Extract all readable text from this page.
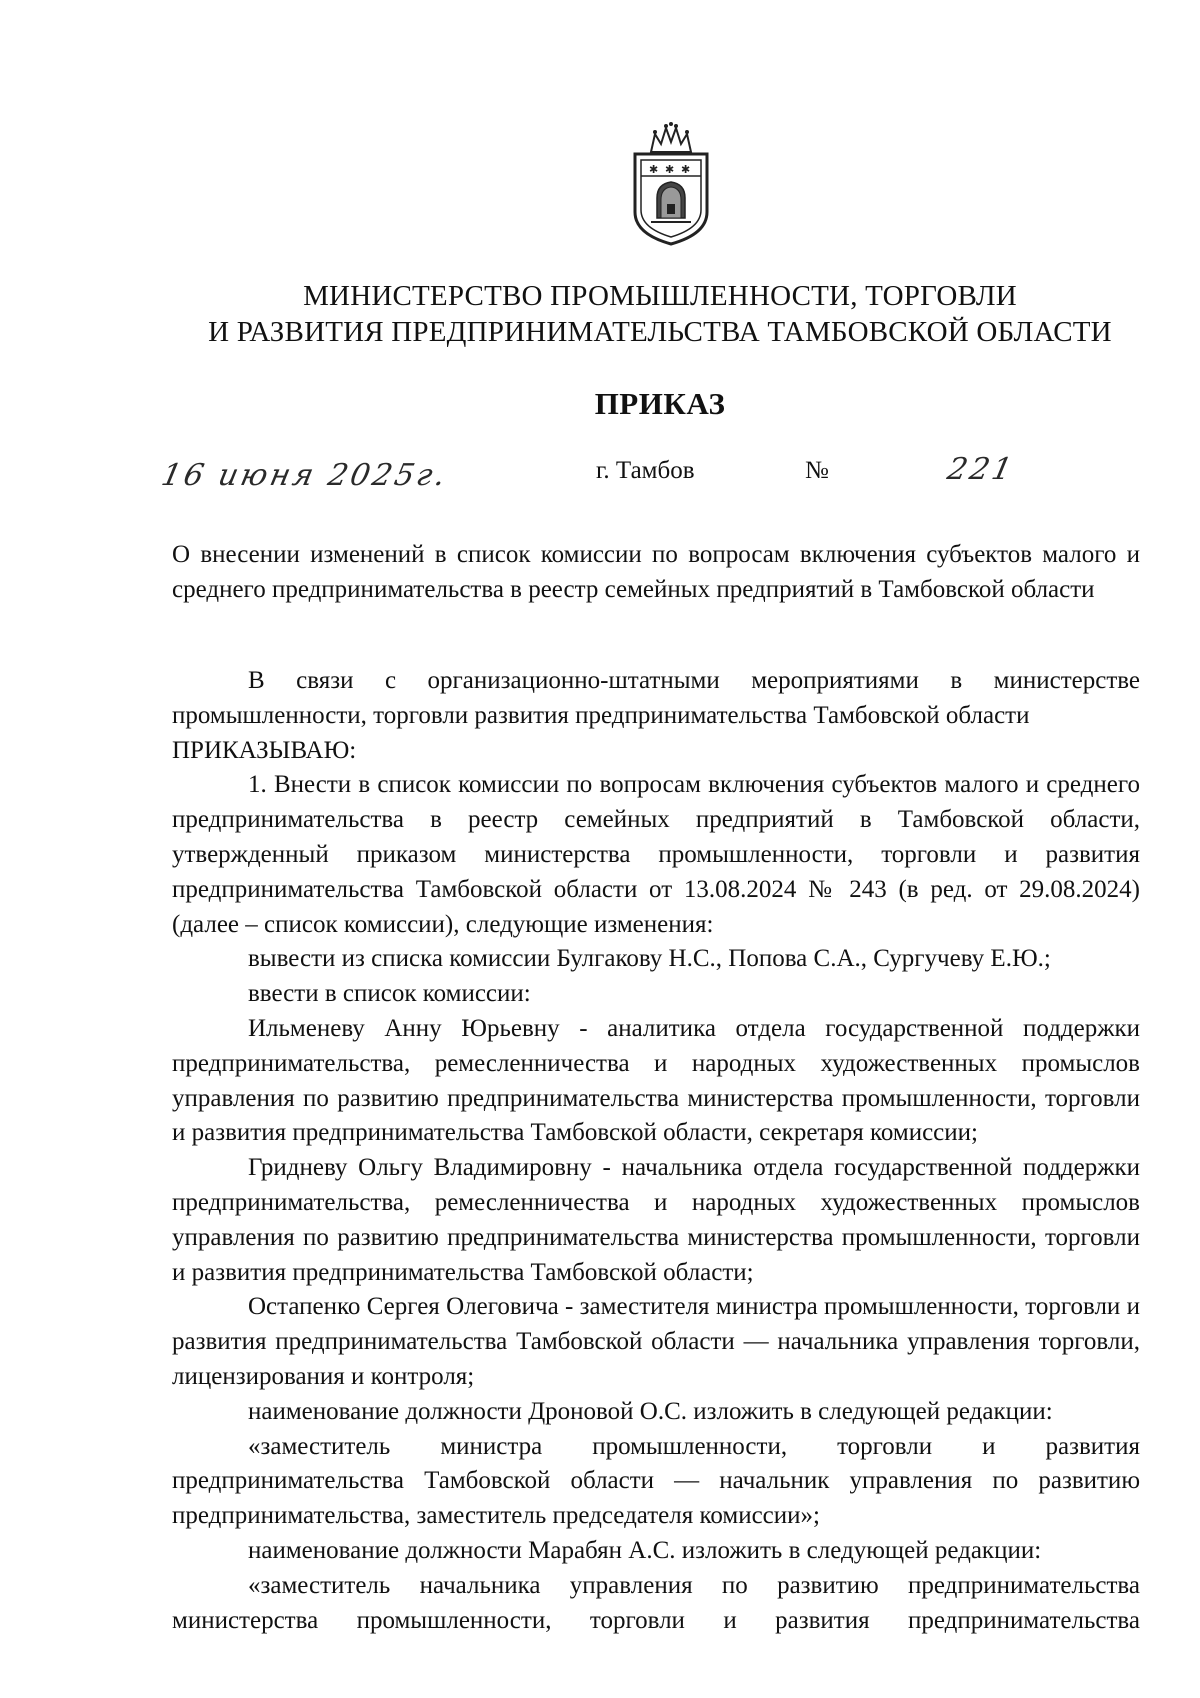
✱ ✱ ✱
МИНИСТЕРСТВО ПРОМЫШЛЕННОСТИ, ТОРГОВЛИ
И РАЗВИТИЯ ПРЕДПРИНИМАТЕЛЬСТВА ТАМБОВСКОЙ ОБЛАСТИ
ПРИКАЗ
16 июня 2025г.	г. Тамбов	№	221
О внесении изменений в список комиссии по вопросам включения субъектов малого и среднего предпринимательства в реестр семейных предприятий в Тамбовской области

В связи с организационно-штатными мероприятиями в министерстве промышленности, торговли развития предпринимательства Тамбовской области

ПРИКАЗЫВАЮ:

1. Внести в список комиссии по вопросам включения субъектов малого и среднего предпринимательства в реестр семейных предприятий в Тамбовской области, утвержденный приказом министерства промышленности, торговли и развития предпринимательства Тамбовской области от 13.08.2024 № 243 (в ред. от 29.08.2024) (далее – список комиссии), следующие изменения:

вывести из списка комиссии Булгакову Н.С., Попова С.А., Сургучеву Е.Ю.;

ввести в список комиссии:

Ильменеву Анну Юрьевну - аналитика отдела государственной поддержки предпринимательства, ремесленничества и народных художественных промыслов управления по развитию предпринимательства министерства промышленности, торговли и развития предпринимательства Тамбовской области, секретаря комиссии;

Гридневу Ольгу Владимировну - начальника отдела государственной поддержки предпринимательства, ремесленничества и народных художественных промыслов управления по развитию предпринимательства министерства промышленности, торговли и развития предпринимательства Тамбовской области;

Остапенко Сергея Олеговича - заместителя министра промышленности, торговли и развития предпринимательства Тамбовской области — начальника управления торговли, лицензирования и контроля;

наименование должности Дроновой О.С. изложить в следующей редакции:

«заместитель министра промышленности, торговли и развития предпринимательства Тамбовской области — начальник управления по развитию предпринимательства, заместитель председателя комиссии»;

наименование должности Марабян А.С. изложить в следующей редакции:

«заместитель начальника управления по развитию предпринимательства министерства промышленности, торговли и развития предпринимательства
